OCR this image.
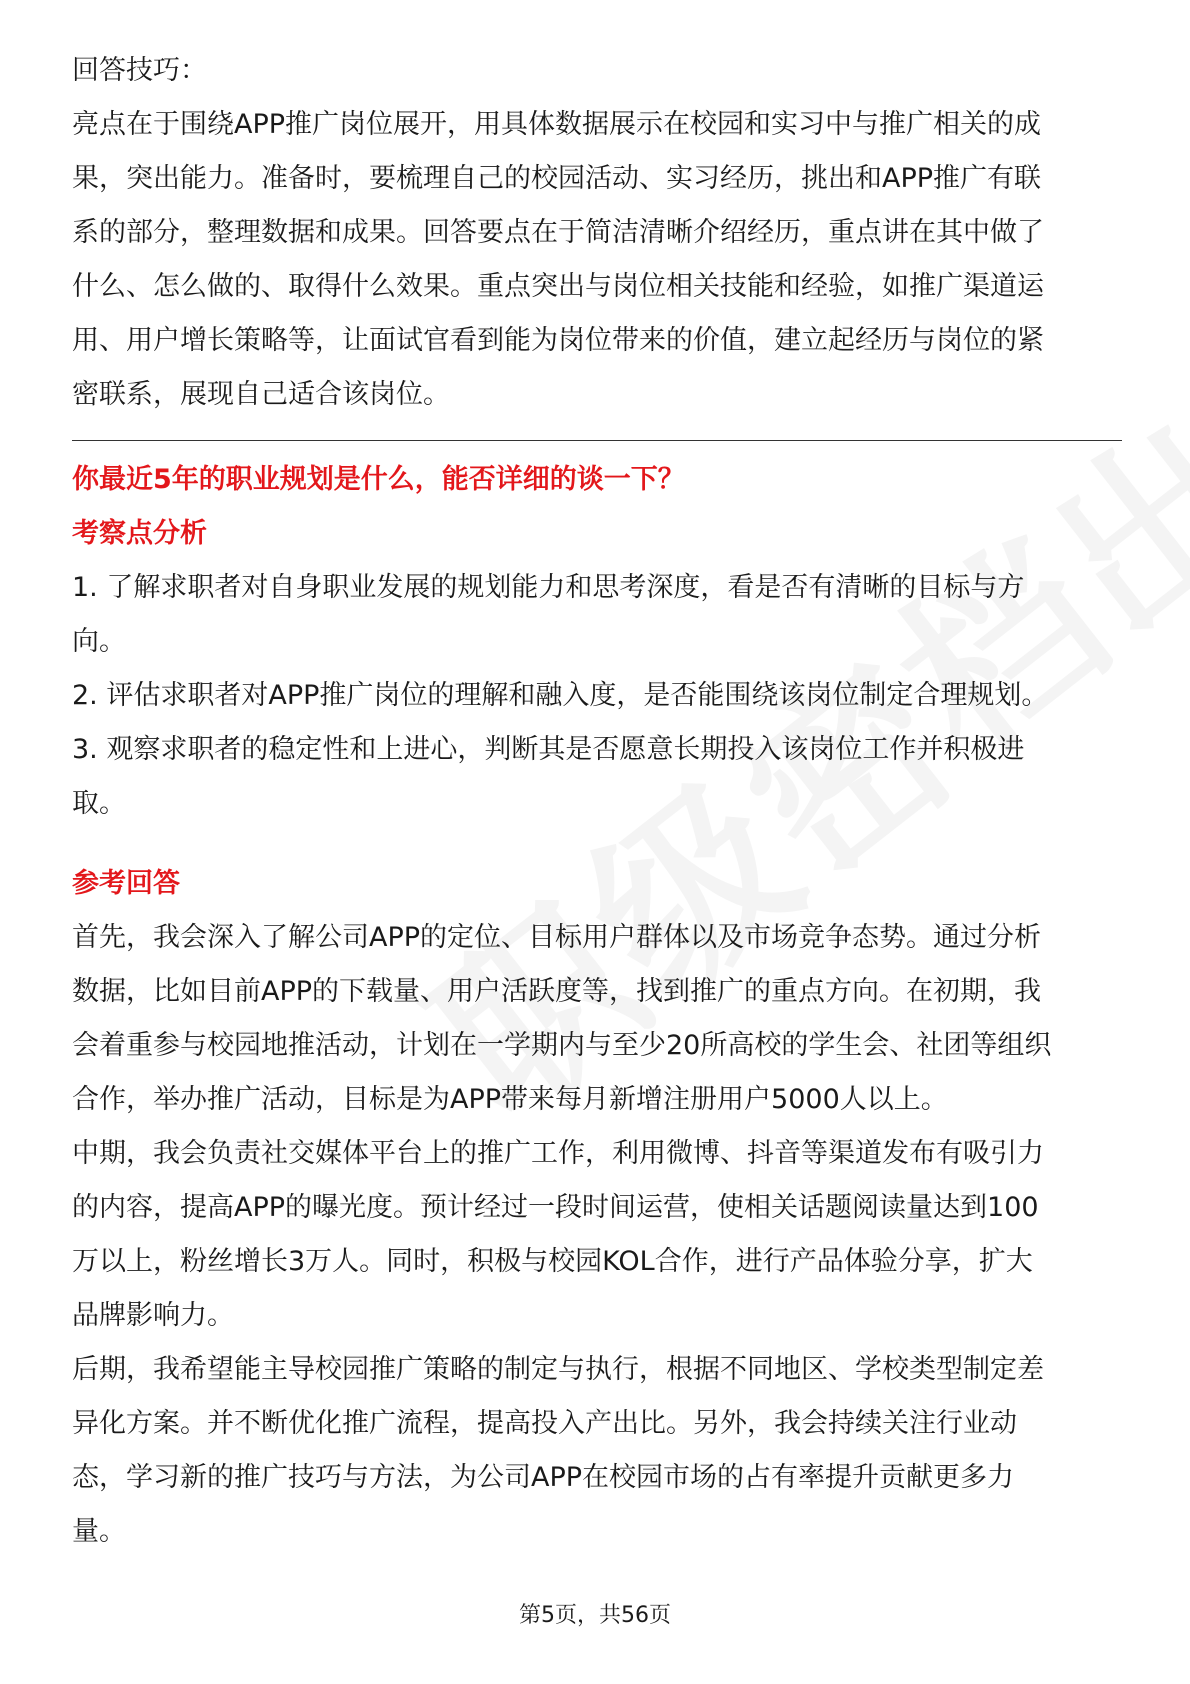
回答技巧：

亮点在于围绕APP推广岗位展开，用具体数据展示在校园和实习中与推广相关的成

果，突出能力。准备时，要梳理自己的校园活动、实习经历，挑出和APP推广有联

系的部分，整理数据和成果。回答要点在于简洁清晰介绍经历，重点讲在其中做了

什么、怎么做的、取得什么效果。重点突出与岗位相关技能和经验，如推广渠道运

用、用户增长策略等，让面试官看到能为岗位带来的价值，建立起经历与岗位的紧

密联系，展现自己适合该岗位。

你最近5年的职业规划是什么，能否详细的谈一下？

考察点分析

1. 了解求职者对自身职业发展的规划能力和思考深度，看是否有清晰的目标与方

向。

2. 评估求职者对APP推广岗位的理解和融入度，是否能围绕该岗位制定合理规划。

3. 观察求职者的稳定性和上进心，判断其是否愿意长期投入该岗位工作并积极进

取。

参考回答

首先，我会深入了解公司APP的定位、目标用户群体以及市场竞争态势。通过分析

数据，比如目前APP的下载量、用户活跃度等，找到推广的重点方向。在初期，我

会着重参与校园地推活动，计划在一学期内与至少20所高校的学生会、社团等组织

合作，举办推广活动，目标是为APP带来每月新增注册用户5000人以上。

中期，我会负责社交媒体平台上的推广工作，利用微博、抖音等渠道发布有吸引力

的内容，提高APP的曝光度。预计经过一段时间运营，使相关话题阅读量达到100

万以上，粉丝增长3万人。同时，积极与校园KOL合作，进行产品体验分享，扩大

品牌影响力。

后期，我希望能主导校园推广策略的制定与执行，根据不同地区、学校类型制定差

异化方案。并不断优化推广流程，提高投入产出比。另外，我会持续关注行业动

态，学习新的推广技巧与方法，为公司APP在校园市场的占有率提升贡献更多力

量。

第5页，共56页
